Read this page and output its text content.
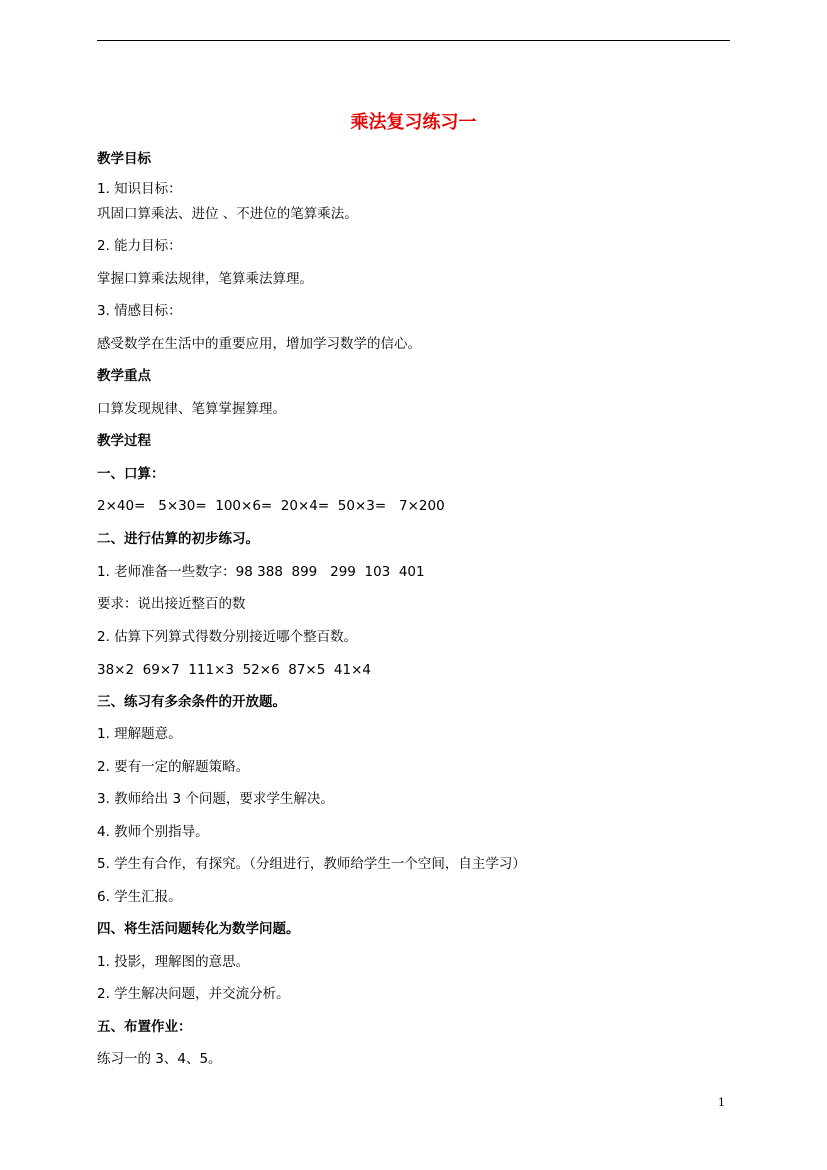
乘法复习练习一
教学目标
1. 知识目标：
巩固口算乘法、进位 、不进位的笔算乘法。
2. 能力目标：
掌握口算乘法规律，笔算乘法算理。
3. 情感目标：
感受数学在生活中的重要应用，增加学习数学的信心。
教学重点
口算发现规律、笔算掌握算理。
教学过程
一、口算：
2×40=   5×30=  100×6=  20×4=  50×3=   7×200
二、进行估算的初步练习。
1. 老师准备一些数字：98 388  899   299  103  401
要求：说出接近整百的数
2. 估算下列算式得数分别接近哪个整百数。
38×2  69×7  111×3  52×6  87×5  41×4
三、练习有多余条件的开放题。
1. 理解题意。
2. 要有一定的解题策略。
3. 教师给出 3 个问题，要求学生解决。
4. 教师个别指导。
5. 学生有合作，有探究。（分组进行，教师给学生一个空间，自主学习）
6. 学生汇报。
四、将生活问题转化为数学问题。
1. 投影，理解图的意思。
2. 学生解决问题，并交流分析。
五、布置作业：
练习一的 3、4、5。
1
